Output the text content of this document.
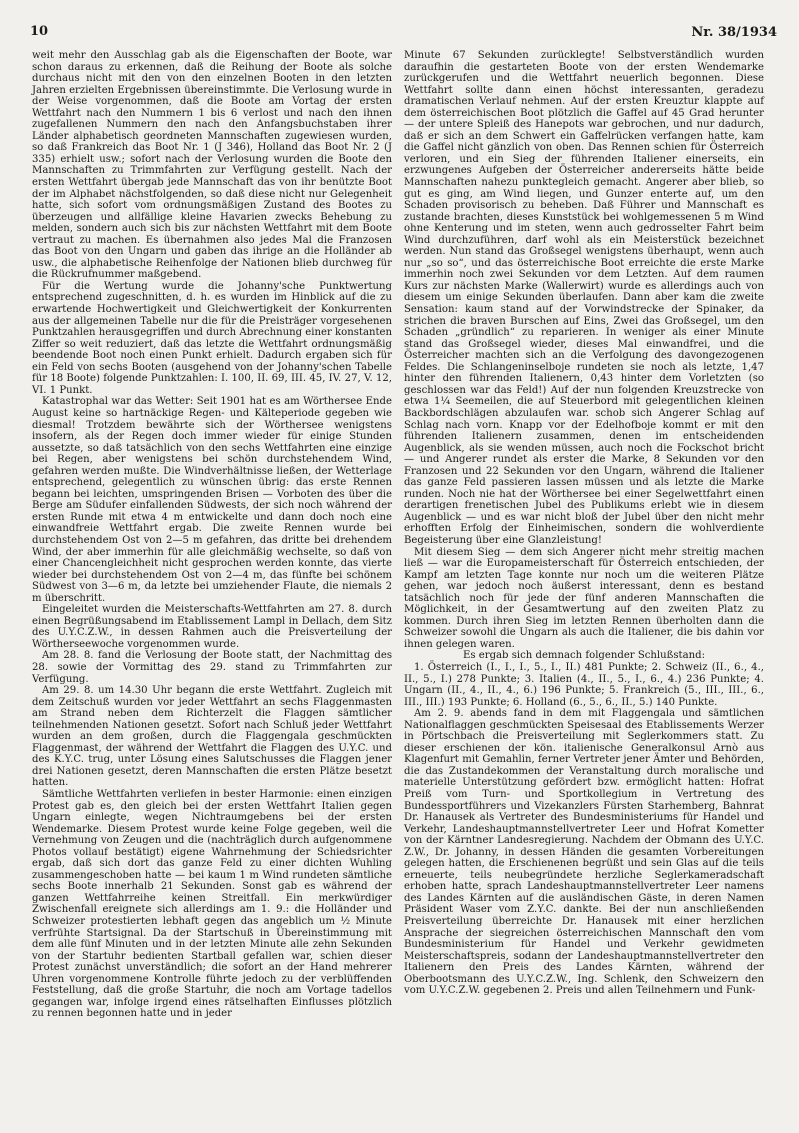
10	Nr. 38/1934

weit mehr den Ausschlag gab als die Eigenschaften der Boote, war schon daraus zu erkennen, daß die Reihung der Boote als solche durchaus nicht mit den von den einzelnen Booten in den letzten Jahren erzielten Ergebnissen übereinstimmte. Die Verlosung wurde in der Weise vorgenommen, daß die Boote am Vortag der ersten Wettfahrt nach den Nummern 1 bis 6 verlost und nach den ihnen zugefallenen Nummern den nach den Anfangsbuchstaben ihrer Länder alphabetisch geordneten Mannschaften zugewiesen wurden, so daß Frankreich das Boot Nr. 1 (J 346), Holland das Boot Nr. 2 (J 335) erhielt usw.; sofort nach der Verlosung wurden die Boote den Mannschaften zu Trimmfahrten zur Verfügung gestellt. Nach der ersten Wettfahrt übergab jede Mannschaft das von ihr benützte Boot der im Alphabet nächstfolgenden, so daß diese nicht nur Gelegenheit hatte, sich sofort vom ordnungsmäßigen Zustand des Bootes zu überzeugen und allfällige kleine Havarien zwecks Behebung zu melden, sondern auch sich bis zur nächsten Wettfahrt mit dem Boote vertraut zu machen. Es übernahmen also jedes Mal die Franzosen das Boot von den Ungarn und gaben das ihrige an die Holländer ab usw., die alphabetische Reihenfolge der Nationen blieb durchweg für die Rückrufnummer maßgebend.

Für die Wertung wurde die Johanny'sche Punktwertung entsprechend zugeschnitten, d. h. es wurden im Hinblick auf die zu erwartende Hochwertigkeit und Gleichwertigkeit der Konkurrenten aus der allgemeinen Tabelle nur die für die Preisträger vorgesehenen Punktzahlen herausgegriffen und durch Abrechnung einer konstanten Ziffer so weit reduziert, daß das letzte die Wettfahrt ordnungsmäßig beendende Boot noch einen Punkt erhielt. Dadurch ergaben sich für ein Feld von sechs Booten (ausgehend von der Johanny'schen Tabelle für 18 Boote) folgende Punktzahlen: I. 100, II. 69, III. 45, IV. 27, V. 12, VI. 1 Punkt.

Katastrophal war das Wetter: Seit 1901 hat es am Wörthersee Ende August keine so hartnäckige Regen- und Kälteperiode gegeben wie diesmal! Trotzdem bewährte sich der Wörthersee wenigstens insofern, als der Regen doch immer wieder für einige Stunden aussetzte, so daß tatsächlich von den sechs Wettfahrten eine einzige bei Regen, aber wenigstens bei schön durchstehendem Wind, gefahren werden mußte. Die Windverhältnisse ließen, der Wetterlage entsprechend, gelegentlich zu wünschen übrig: das erste Rennen begann bei leichten, umspringenden Brisen — Vorboten des über die Berge am Südufer einfallenden Südwests, der sich noch während der ersten Runde mit etwa 4 m entwickelte und dann doch noch eine einwandfreie Wettfahrt ergab. Die zweite Rennen wurde bei durchstehendem Ost von 2—5 m gefahren, das dritte bei drehendem Wind, der aber immerhin für alle gleichmäßig wechselte, so daß von einer Chancengleichheit nicht gesprochen werden konnte, das vierte wieder bei durchstehendem Ost von 2—4 m, das fünfte bei schönem Südwest von 3—6 m, da letzte bei umziehender Flaute, die niemals 2 m überschritt.

Eingeleitet wurden die Meisterschafts-Wettfahrten am 27. 8. durch einen Begrüßungsabend im Etablissement Lampl in Dellach, dem Sitz des U.Y.C.Z.W., in dessen Rahmen auch die Preisverteilung der Wörtherseewoche vorgenommen wurde.

Am 28. 8. fand die Verlosung der Boote statt, der Nachmittag des 28. sowie der Vormittag des 29. stand zu Trimmfahrten zur Verfügung.

Am 29. 8. um 14.30 Uhr begann die erste Wettfahrt. Zugleich mit dem Zeitschuß wurden vor jeder Wettfahrt an sechs Flaggenmasten am Strand neben dem Richterzelt die Flaggen sämtlicher teilnehmenden Nationen gesetzt. Sofort nach Schluß jeder Wettfahrt wurden an dem großen, durch die Flaggengala geschmückten Flaggenmast, der während der Wettfahrt die Flaggen des U.Y.C. und des K.Y.C. trug, unter Lösung eines Salutschusses die Flaggen jener drei Nationen gesetzt, deren Mannschaften die ersten Plätze besetzt hatten.

Sämtliche Wettfahrten verliefen in bester Harmonie: einen einzigen Protest gab es, den gleich bei der ersten Wettfahrt Italien gegen Ungarn einlegte, wegen Nichtraumgebens bei der ersten Wendemarke. Diesem Protest wurde keine Folge gegeben, weil die Vernehmung von Zeugen und die (nachträglich durch aufgenommene Photos vollauf bestätigt) eigene Wahrnehmung der Schiedsrichter ergab, daß sich dort das ganze Feld zu einer dichten Wuhling zusammengeschoben hatte — bei kaum 1 m Wind rundeten sämtliche sechs Boote innerhalb 21 Sekunden. Sonst gab es während der ganzen Wettfahrreihe keinen Streitfall. Ein merkwürdiger Zwischenfall ereignete sich allerdings am 1. 9.: die Holländer und Schweizer protestierten lebhaft gegen das angeblich um ½ Minute verfrühte Startsignal. Da der Startschuß in Übereinstimmung mit dem alle fünf Minuten und in der letzten Minute alle zehn Sekunden von der Startuhr bedienten Startball gefallen war, schien dieser Protest zunächst unverständlich; die sofort an der Hand mehrerer Uhren vorgenommene Kontrolle führte jedoch zu der verblüffenden Feststellung, daß die große Startuhr, die noch am Vortage tadellos gegangen war, infolge irgend eines rätselhaften Einflusses plötzlich zu rennen begonnen hatte und in jeder

Minute 67 Sekunden zurücklegte! Selbstverständlich wurden daraufhin die gestarteten Boote von der ersten Wendemarke zurückgerufen und die Wettfahrt neuerlich begonnen. Diese Wettfahrt sollte dann einen höchst interessanten, geradezu dramatischen Verlauf nehmen. Auf der ersten Kreuztur klappte auf dem österreichischen Boot plötzlich die Gaffel auf 45 Grad herunter — der untere Spleiß des Hanepots war gebrochen, und nur dadurch, daß er sich an dem Schwert ein Gaffelrücken verfangen hatte, kam die Gaffel nicht gänzlich von oben. Das Rennen schien für Österreich verloren, und ein Sieg der führenden Italiener einerseits, ein erzwungenes Aufgeben der Österreicher andererseits hätte beide Mannschaften nahezu punktegleich gemacht. Angerer aber blieb, so gut es ging, am Wind liegen, und Gunzer enterte auf, um den Schaden provisorisch zu beheben. Daß Führer und Mannschaft es zustande brachten, dieses Kunststück bei wohlgemessenen 5 m Wind ohne Kenterung und im steten, wenn auch gedrosselter Fahrt beim Wind durchzuführen, darf wohl als ein Meisterstück bezeichnet werden. Nun stand das Großsegel wenigstens überhaupt, wenn auch nur „so so“, und das österreichische Boot erreichte die erste Marke immerhin noch zwei Sekunden vor dem Letzten. Auf dem raumen Kurs zur nächsten Marke (Wallerwirt) wurde es allerdings auch von diesem um einige Sekunden überlaufen. Dann aber kam die zweite Sensation: kaum stand auf der Vorwindstrecke der Spinaker, da strichen die braven Burschen auf Eins, Zwei das Großsegel, um den Schaden „gründlich“ zu reparieren. In weniger als einer Minute stand das Großsegel wieder, dieses Mal einwandfrei, und die Österreicher machten sich an die Verfolgung des davongezogenen Feldes. Die Schlangeninselboje rundeten sie noch als letzte, 1,47 hinter den führenden Italienern, 0,43 hinter dem Vorletzten (so geschlossen war das Feld!) Auf der nun folgenden Kreuzstrecke von etwa 1¼ Seemeilen, die auf Steuerbord mit gelegentlichen kleinen Backbordschlägen abzulaufen war. schob sich Angerer Schlag auf Schlag nach vorn. Knapp vor der Edelhofboje kommt er mit den führenden Italienern zusammen, denen im entscheidenden Augenblick, als sie wenden müssen, auch noch die Fockschot bricht — und Angerer rundet als erster die Marke, 8 Sekunden vor den Franzosen und 22 Sekunden vor den Ungarn, während die Italiener das ganze Feld passieren lassen müssen und als letzte die Marke runden. Noch nie hat der Wörthersee bei einer Segelwettfahrt einen derartigen frenetischen Jubel des Publikums erlebt wie in diesem Augenblick — und es war nicht bloß der Jubel über den nicht mehr erhofften Erfolg der Einheimischen, sondern die wohlverdiente Begeisterung über eine Glanzleistung!

Mit diesem Sieg — dem sich Angerer nicht mehr streitig machen ließ — war die Europameisterschaft für Österreich entschieden, der Kampf am letzten Tage konnte nur noch um die weiteren Plätze gehen, war jedoch noch äußerst interessant, denn es bestand tatsächlich noch für jede der fünf anderen Mannschaften die Möglichkeit, in der Gesamtwertung auf den zweiten Platz zu kommen. Durch ihren Sieg im letzten Rennen überholten dann die Schweizer sowohl die Ungarn als auch die Italiener, die bis dahin vor ihnen gelegen waren.

Es ergab sich demnach folgender Schlußstand:

1. Österreich (I., I., I., 5., I., II.) 481 Punkte; 2. Schweiz (II., 6., 4., II., 5., I.) 278 Punkte; 3. Italien (4., II., 5., I., 6., 4.) 236 Punkte; 4. Ungarn (II., 4., II., 4., 6.) 196 Punkte; 5. Frankreich (5., III., III., 6., III., III.) 193 Punkte; 6. Holland (6., 5., 6., II., 5.) 140 Punkte.

Am 2. 9. abends fand in dem mit Flaggengala und sämtlichen Nationalflaggen geschmückten Speisesaal des Etablissements Werzer in Pörtschbach die Preisverteilung mit Seglerkommers statt. Zu dieser erschienen der kön. italienische Generalkonsul Arnò aus Klagenfurt mit Gemahlin, ferner Vertreter jener Ämter und Behörden, die das Zustandekommen der Veranstaltung durch moralische und materielle Unterstützung gefördert bzw. ermöglicht hatten: Hofrat Preiß vom Turn- und Sportkollegium in Vertretung des Bundessportführers und Vizekanzlers Fürsten Starhemberg, Bahnrat Dr. Hanausek als Vertreter des Bundesministeriums für Handel und Verkehr, Landeshauptmannstellvertreter Leer und Hofrat Kometter von der Kärntner Landesregierung. Nachdem der Obmann des U.Y.C. Z.W., Dr. Johanny, in dessen Händen die gesamten Vorbereitungen gelegen hatten, die Erschienenen begrüßt und sein Glas auf die teils erneuerte, teils neubegründete herzliche Seglerkameradschaft erhoben hatte, sprach Landeshauptmannstellvertreter Leer namens des Landes Kärnten auf die ausländischen Gäste, in deren Namen Präsident Waser vom Z.Y.C. dankte. Bei der nun anschließenden Preisverteilung überreichte Dr. Hanausek mit einer herzlichen Ansprache der siegreichen österreichischen Mannschaft den vom Bundesministerium für Handel und Verkehr gewidmeten Meisterschaftspreis, sodann der Landeshauptmannstellvertreter den Italienern den Preis des Landes Kärnten, während der Oberbootsmann des U.Y.C.Z.W., Ing. Schlenk, den Schweizern den vom U.Y.C.Z.W. gegebenen 2. Preis und allen Teilnehmern und Funk-
